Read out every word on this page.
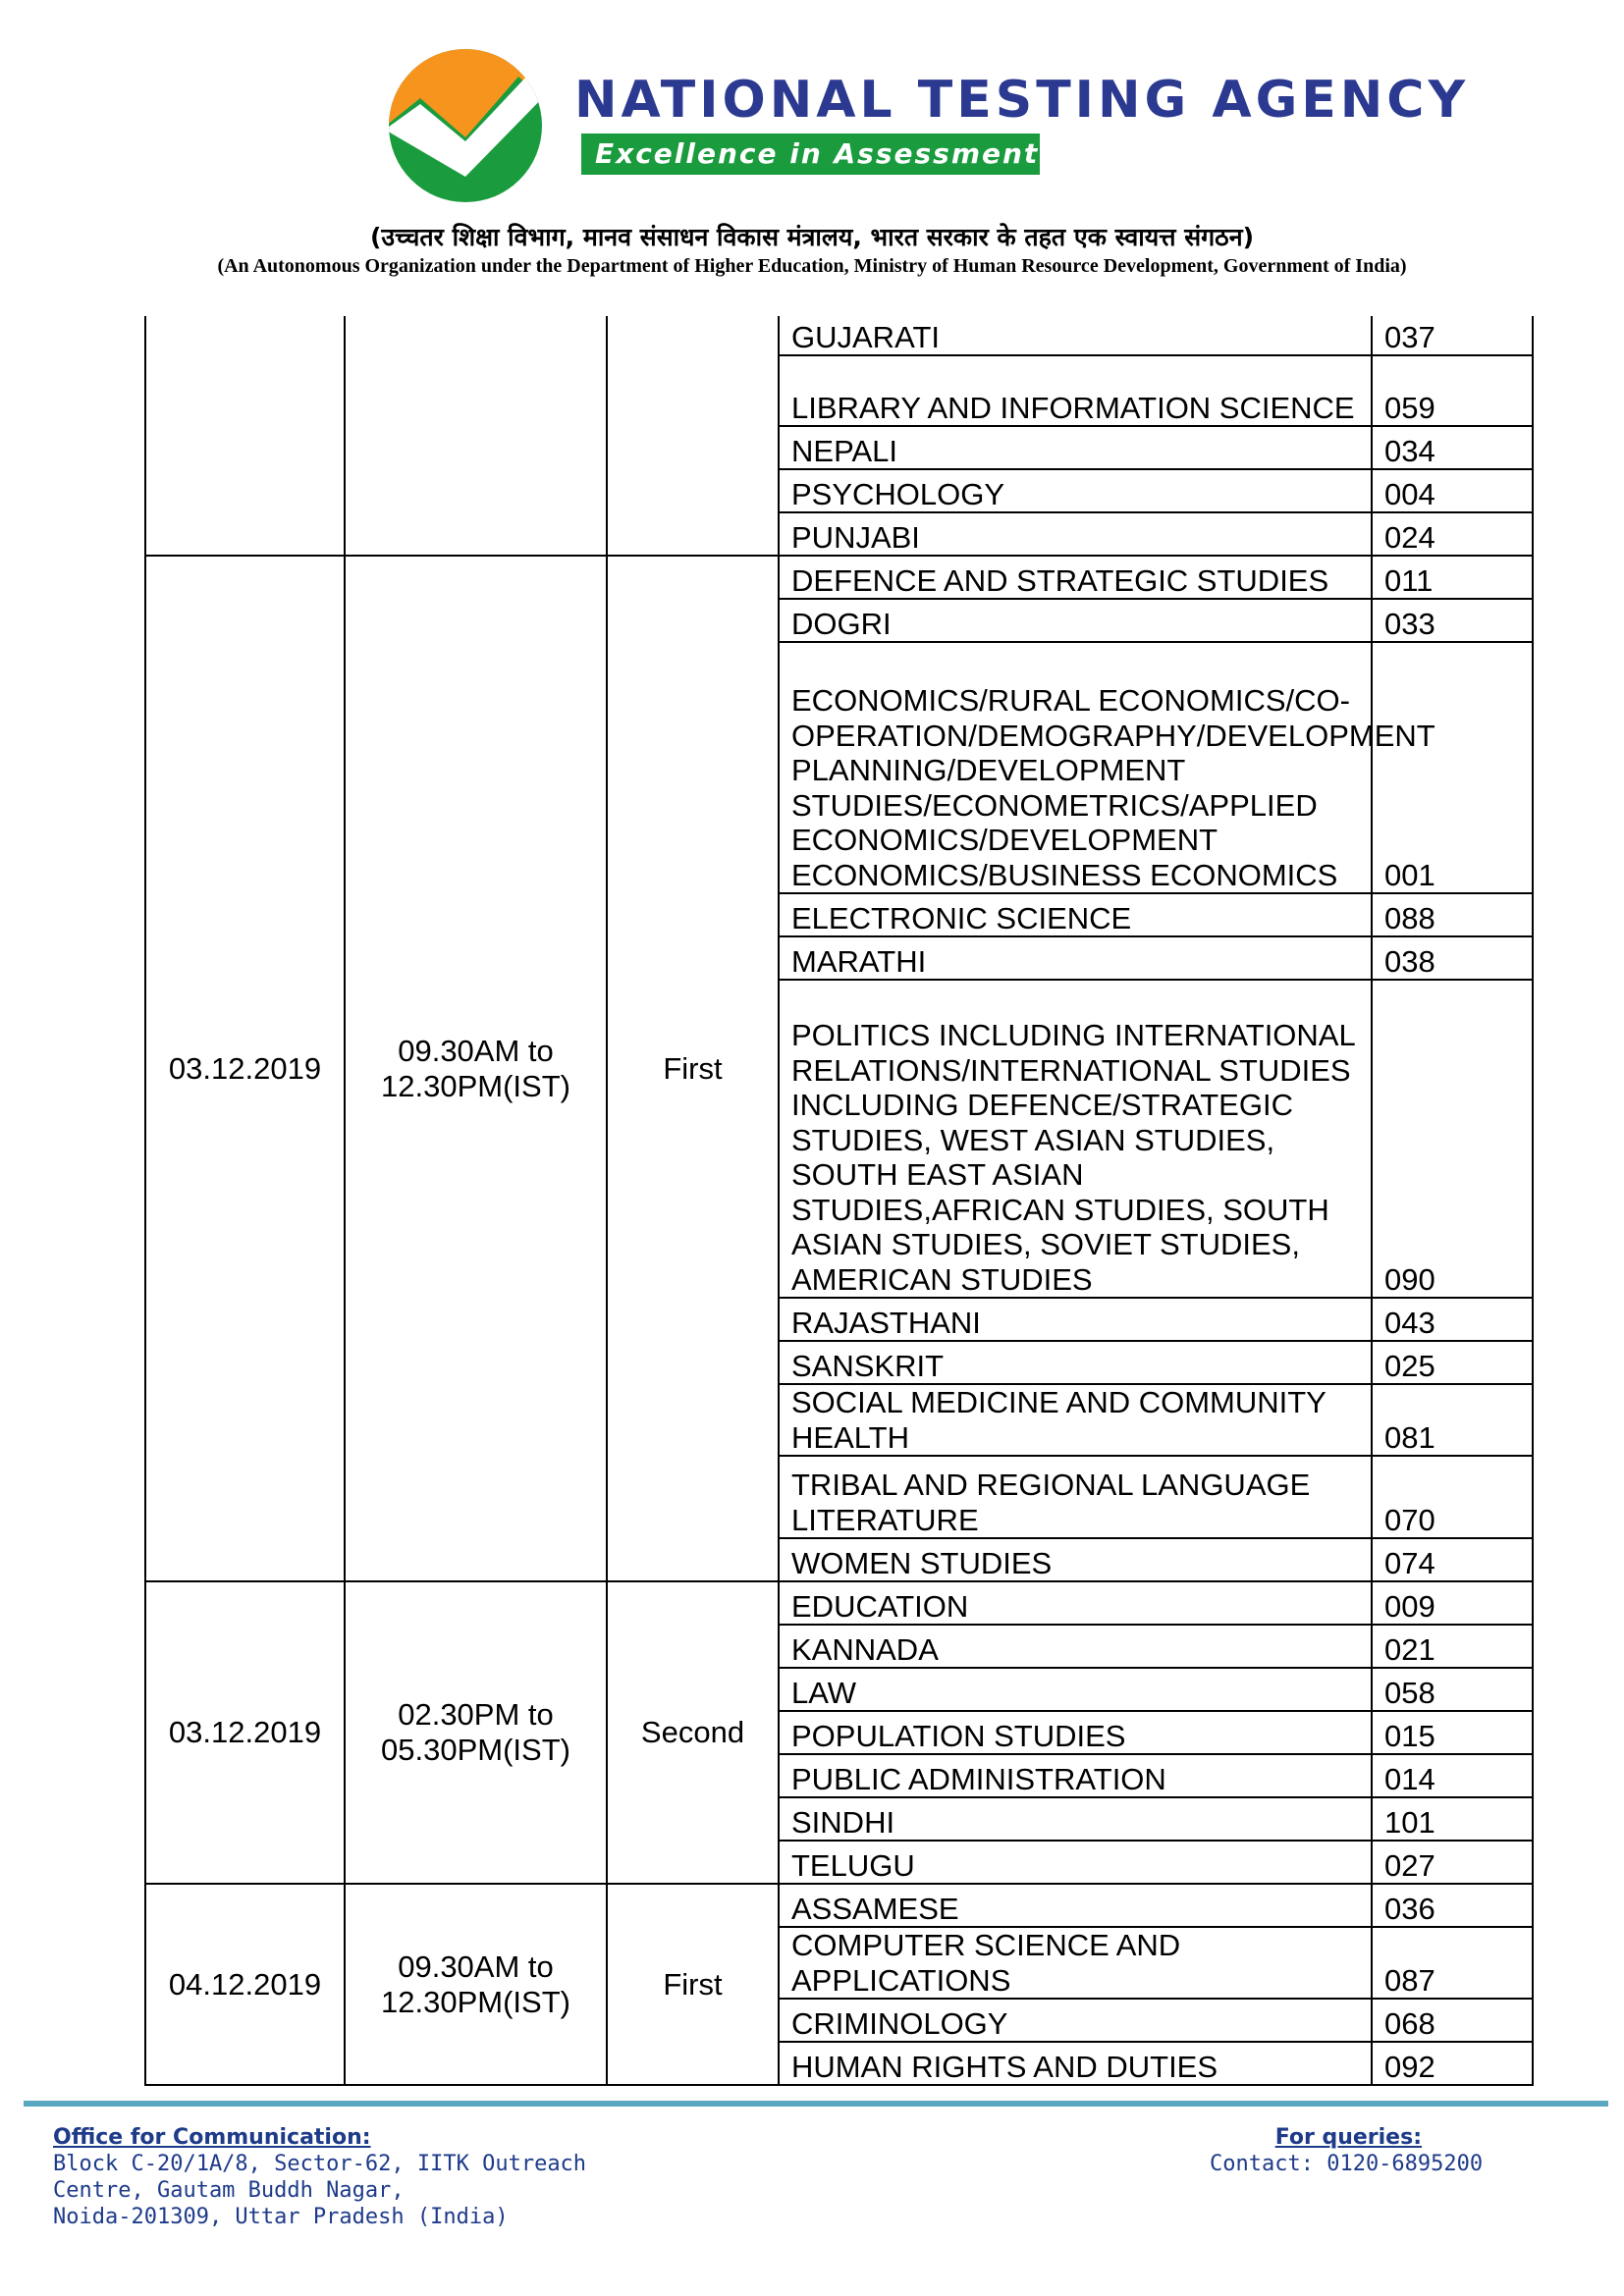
NATIONAL TESTING AGENCY
Excellence in Assessment
(उच्चतर शिक्षा विभाग, मानव संसाधन विकास मंत्रालय, भारत सरकार के तहत एक स्वायत्त संगठन)
(An Autonomous Organization under the Department of Higher Education, Ministry of Human Resource Development, Government of India)
			GUJARATI	037
			LIBRARY AND INFORMATION SCIENCE	059
			NEPALI	034
			PSYCHOLOGY	004
			PUNJABI	024
03.12.2019	09.30AM to 12.30PM(IST)	First	DEFENCE AND STRATEGIC STUDIES	011
			DOGRI	033
			ECONOMICS/RURAL ECONOMICS/CO-OPERATION/DEMOGRAPHY/DEVELOPMENT PLANNING/DEVELOPMENT STUDIES/ECONOMETRICS/APPLIED ECONOMICS/DEVELOPMENT ECONOMICS/BUSINESS ECONOMICS	001
			ELECTRONIC SCIENCE	088
			MARATHI	038
			POLITICS INCLUDING INTERNATIONAL RELATIONS/INTERNATIONAL STUDIES INCLUDING DEFENCE/STRATEGIC STUDIES, WEST ASIAN STUDIES, SOUTH EAST ASIAN STUDIES,AFRICAN STUDIES, SOUTH ASIAN STUDIES, SOVIET STUDIES, AMERICAN STUDIES	090
			RAJASTHANI	043
			SANSKRIT	025
			SOCIAL MEDICINE AND COMMUNITY HEALTH	081
			TRIBAL AND REGIONAL LANGUAGE LITERATURE	070
			WOMEN STUDIES	074
03.12.2019	02.30PM to 05.30PM(IST)	Second	EDUCATION	009
			KANNADA	021
			LAW	058
			POPULATION STUDIES	015
			PUBLIC ADMINISTRATION	014
			SINDHI	101
			TELUGU	027
04.12.2019	09.30AM to 12.30PM(IST)	First	ASSAMESE	036
			COMPUTER SCIENCE AND APPLICATIONS	087
			CRIMINOLOGY	068
			HUMAN RIGHTS AND DUTIES	092
Office for Communication:
Block C-20/1A/8, Sector-62, IITK Outreach
Centre, Gautam Buddh Nagar,
Noida-201309, Uttar Pradesh (India)
For queries:
Contact: 0120-6895200
